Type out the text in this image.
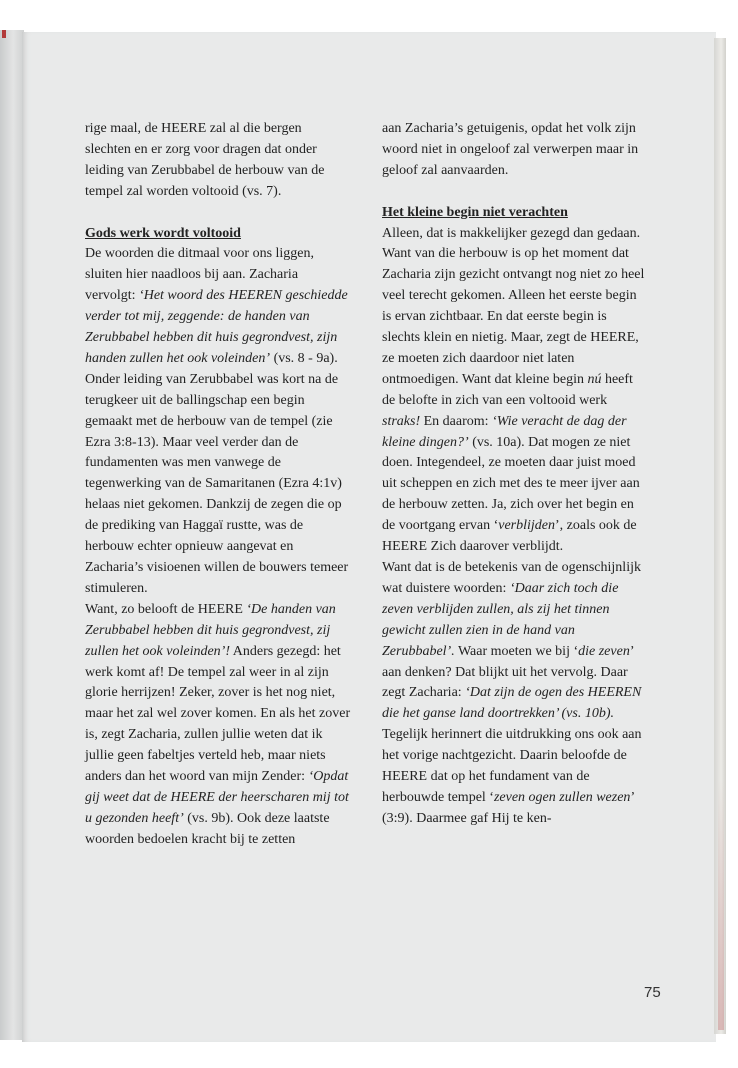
rige maal, de HEERE zal al die bergen slechten en er zorg voor dragen dat onder leiding van Zerubbabel de herbouw van de tempel zal worden voltooid (vs. 7).

Gods werk wordt voltooid

De woorden die ditmaal voor ons liggen, sluiten hier naadloos bij aan. Zacharia vervolgt: ‘Het woord des HEEREN geschiedde verder tot mij, zeggende: de handen van Zerubbabel hebben dit huis gegrondvest, zijn handen zullen het ook voleinden’ (vs. 8 - 9a). Onder leiding van Zerubbabel was kort na de terugkeer uit de ballingschap een begin gemaakt met de herbouw van de tempel (zie Ezra 3:8-13). Maar veel verder dan de fundamenten was men vanwege de tegenwerking van de Samaritanen (Ezra 4:1v) helaas niet gekomen. Dankzij de zegen die op de prediking van Haggaï rustte, was de herbouw echter opnieuw aangevat en Zacharia’s visioenen willen de bouwers temeer stimuleren.

Want, zo belooft de HEERE ‘De handen van Zerubbabel hebben dit huis gegrondvest, zij zullen het ook voleinden’! Anders gezegd: het werk komt af! De tempel zal weer in al zijn glorie herrijzen! Zeker, zover is het nog niet, maar het zal wel zover komen. En als het zover is, zegt Zacharia, zullen jullie weten dat ik jullie geen fabeltjes verteld heb, maar niets anders dan het woord van mijn Zender: ‘Opdat gij weet dat de HEERE der heerscharen mij tot u gezonden heeft’ (vs. 9b). Ook deze laatste woorden bedoelen kracht bij te zetten

aan Zacharia’s getuigenis, opdat het volk zijn woord niet in ongeloof zal verwerpen maar in geloof zal aanvaarden.

Het kleine begin niet verachten

Alleen, dat is makkelijker gezegd dan gedaan. Want van die herbouw is op het moment dat Zacharia zijn gezicht ontvangt nog niet zo heel veel terecht gekomen. Alleen het eerste begin is ervan zichtbaar. En dat eerste begin is slechts klein en nietig. Maar, zegt de HEERE, ze moeten zich daardoor niet laten ontmoedigen. Want dat kleine begin nú heeft de belofte in zich van een voltooid werk straks! En daarom: ‘Wie veracht de dag der kleine dingen?’ (vs. 10a). Dat mogen ze niet doen. Integendeel, ze moeten daar juist moed uit scheppen en zich met des te meer ijver aan de herbouw zetten. Ja, zich over het begin en de voortgang ervan ‘verblijden’, zoals ook de HEERE Zich daarover verblijdt.

Want dat is de betekenis van de ogenschijnlijk wat duistere woorden: ‘Daar zich toch die zeven verblijden zullen, als zij het tinnen gewicht zullen zien in de hand van Zerubbabel’. Waar moeten we bij ‘die zeven’ aan denken? Dat blijkt uit het vervolg. Daar zegt Zacharia: ‘Dat zijn de ogen des HEEREN die het ganse land doortrekken’ (vs. 10b). Tegelijk herinnert die uitdrukking ons ook aan het vorige nachtgezicht. Daarin beloofde de HEERE dat op het fundament van de herbouwde tempel ‘zeven ogen zullen wezen’ (3:9). Daarmee gaf Hij te ken-

75
